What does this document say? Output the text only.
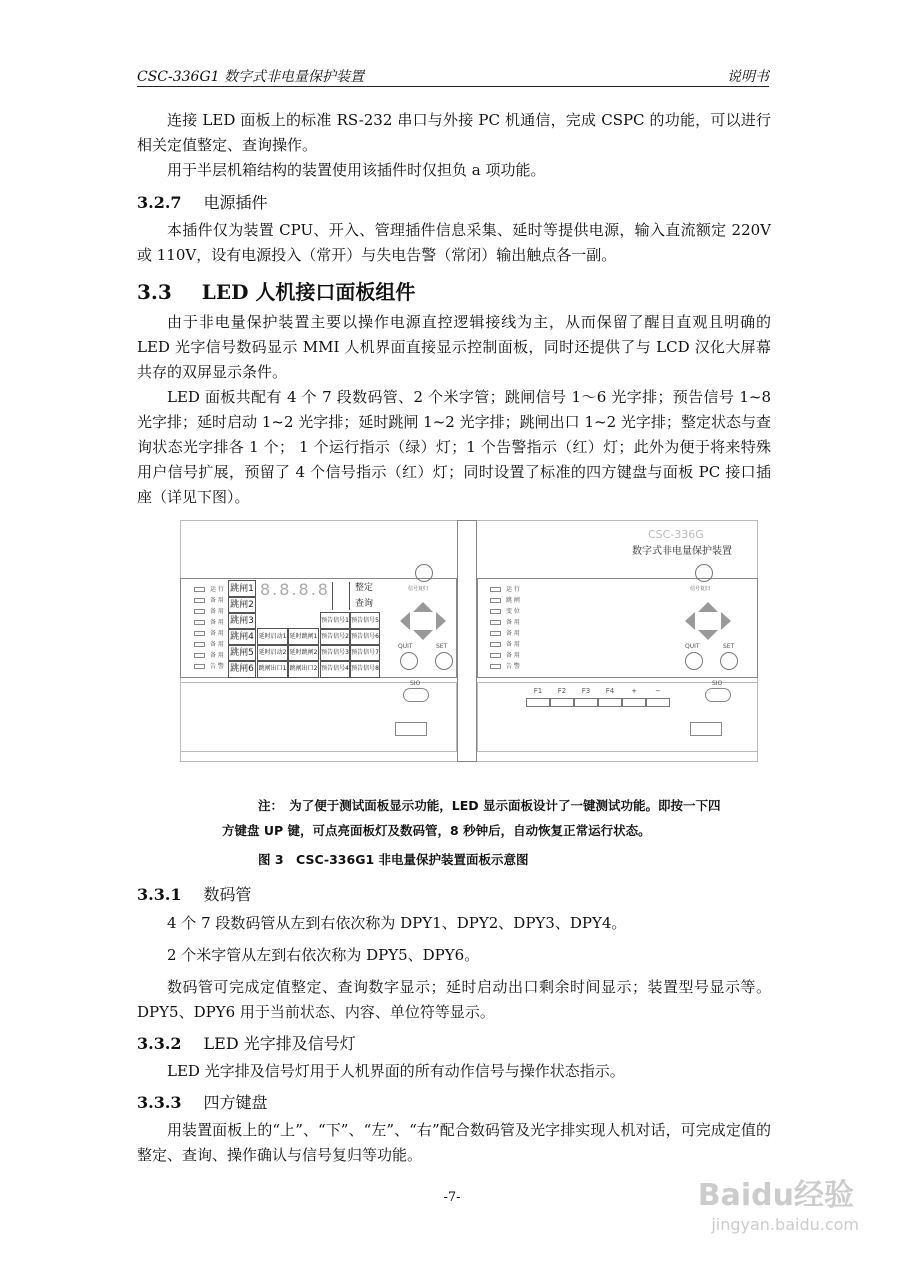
CSC-336G1 数字式非电量保护装置	说明书
连接 LED 面板上的标准 RS-232 串口与外接 PC 机通信，完成 CSPC 的功能，可以进行相关定值整定、查询操作。
用于半层机箱结构的装置使用该插件时仅担负 a 项功能。
3.2.7 电源插件
本插件仅为装置 CPU、开入、管理插件信息采集、延时等提供电源，输入直流额定 220V 或 110V，设有电源投入（常开）与失电告警（常闭）输出触点各一副。
3.3 LED 人机接口面板组件
由于非电量保护装置主要以操作电源直控逻辑接线为主，从而保留了醒目直观且明确的 LED 光字信号数码显示 MMI 人机界面直接显示控制面板，同时还提供了与 LCD 汉化大屏幕共存的双屏显示条件。
LED 面板共配有 4 个 7 段数码管、2 个米字管；跳闸信号 1～6 光字排；预告信号 1~8 光字排；延时启动 1~2 光字排；延时跳闸 1~2 光字排；跳闸出口 1~2 光字排；整定状态与查询状态光字排各 1 个； 1 个运行指示（绿）灯；1 个告警指示（红）灯；此外为便于将来特殊用户信号扩展，预留了 4 个信号指示（红）灯；同时设置了标准的四方键盘与面板 PC 接口插座（详见下图）。
跳闸1
跳闸2
跳闸3
跳闸4
跳闸5
跳闸6
8.8.8.8
延时启动1 延时跳闸1
延时启动2 延时跳闸2
跳闸出口1 跳闸出口2
整定
查询
信号复归
QUIT	SET
SIO
CSC-336G
数字式非电量保护装置
信号复归
QUIT	SET
SIO
运 行
备 用
备 用
备 用
备 用
备 用
备 用
告 警
运 行
跳 闸
变 位
备 用
备 用
备 用
备 用
告 警
预告信号1 预告信号5
预告信号2 预告信号6
预告信号3 预告信号7
预告信号4 预告信号8
F1	F2	F3	F4	+	−
注：　为了便于测试面板显示功能，LED 显示面板设计了一键测试功能。即按一下四
方键盘 UP 键，可点亮面板灯及数码管，8 秒钟后，自动恢复正常运行状态。
图 3　CSC-336G1 非电量保护装置面板示意图
3.3.1 数码管
4 个 7 段数码管从左到右依次称为 DPY1、DPY2、DPY3、DPY4。
2 个米字管从左到右依次称为 DPY5、DPY6。
数码管可完成定值整定、查询数字显示；延时启动出口剩余时间显示；装置型号显示等。DPY5、DPY6 用于当前状态、内容、单位符等显示。
3.3.2 LED 光字排及信号灯
LED 光字排及信号灯用于人机界面的所有动作信号与操作状态指示。
3.3.3 四方键盘
用装置面板上的“上”、“下”、“左”、“右”配合数码管及光字排实现人机对话，可完成定值的整定、查询、操作确认与信号复归等功能。
-7-	Baidu经验
jingyan.baidu.com
